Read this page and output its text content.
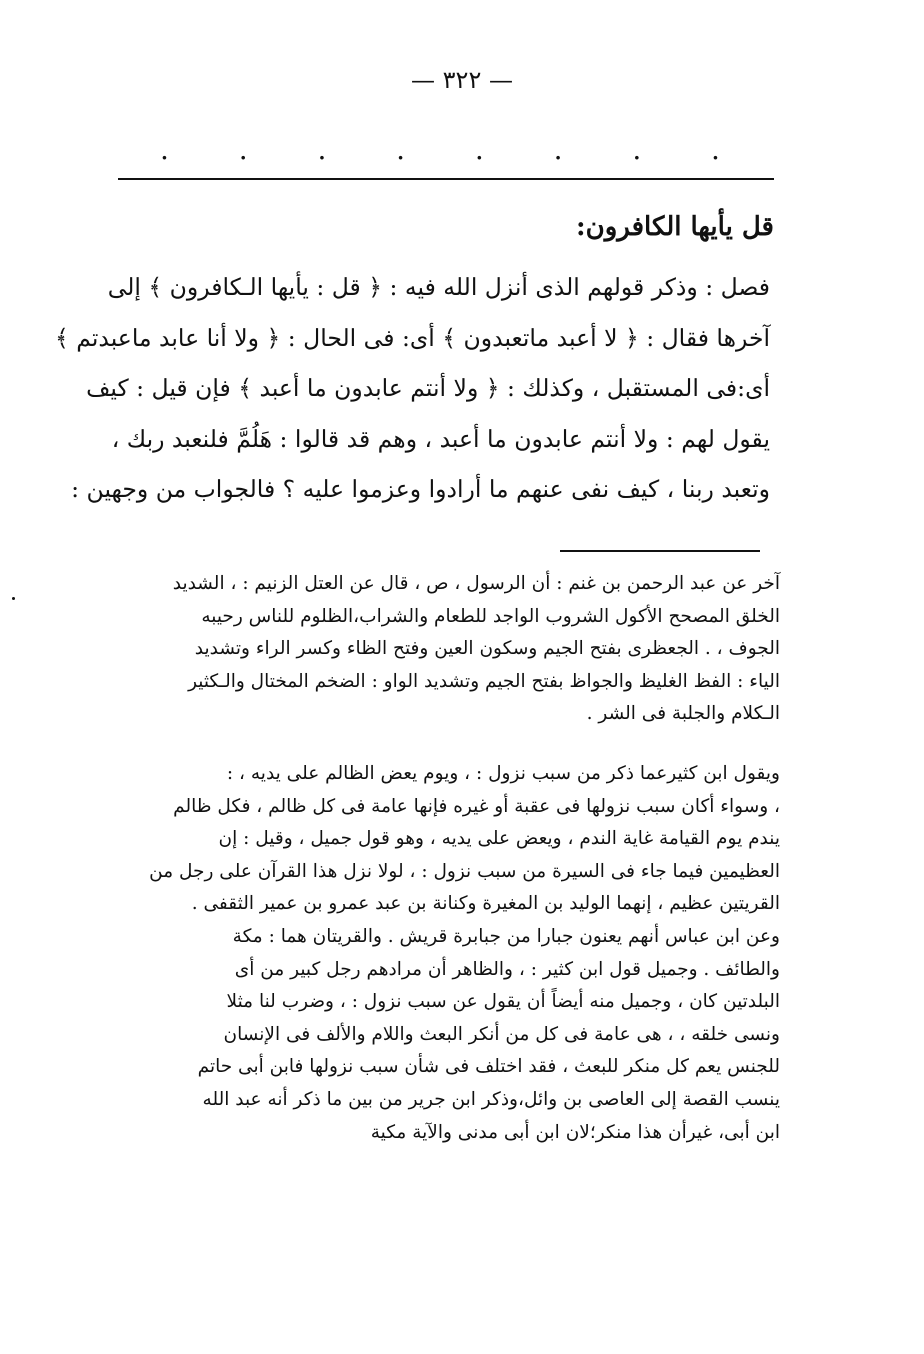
— ٣٢٢ —
. . . . . . . .
قل يأيها الكافرون:

فصل : وذكر قولهم الذى أنزل الله فيه : ﴿ قل : يأيها الـكافرون ﴾ إلى

آخرها فقال : ﴿ لا أعبد ماتعبدون ﴾ أى: فى الحال : ﴿ ولا أنا عابد ماعبدتم ﴾

أى:فى المستقبل ، وكذلك : ﴿ ولا أنتم عابدون ما أعبد ﴾ فإن قيل : كيف

يقول لهم : ولا أنتم عابدون ما أعبد ، وهم قد قالوا : هَلُمَّ فلنعبد ربك ،

وتعبد ربنا ، كيف نفى عنهم ما أرادوا وعزموا عليه ؟ فالجواب من وجهين :

آخر عن عبد الرحمن بن غنم : أن الرسول ، ص ، قال عن العتل الزنيم : ، الشديد

الخلق المصحح الأكول الشروب الواجد للطعام والشراب،الظلوم للناس رحيبه

الجوف ، . الجعظرى بفتح الجيم وسكون العين وفتح الظاء وكسر الراء وتشديد

الياء : الفظ الغليظ والجواظ بفتح الجيم وتشديد الواو : الضخم المختال والـكثير

الـكلام والجلبة فى الشر .

ويقول ابن كثيرعما ذكر من سبب نزول : ، ويوم يعض الظالم على يديه ، :

، وسواء أكان سبب نزولها فى عقبة أو غيره فإنها عامة فى كل ظالم ، فكل ظالم

يندم يوم القيامة غاية الندم ، ويعض على يديه ، وهو قول جميل ، وقيل : إن

العظيمين فيما جاء فى السيرة من سبب نزول : ، لولا نزل هذا القرآن على رجل من

القريتين عظيم ، إنهما الوليد بن المغيرة وكنانة بن عبد عمرو بن عمير الثقفى .

وعن ابن عباس أنهم يعنون جبارا من جبابرة قريش . والقريتان هما : مكة

والطائف . وجميل قول ابن كثير : ، والظاهر أن مرادهم رجل كبير من أى

البلدتين كان ، وجميل منه أيضاً أن يقول عن سبب نزول : ، وضرب لنا مثلا

ونسى خلقه ، ، هى عامة فى كل من أنكر البعث واللام والألف فى الإنسان

للجنس يعم كل منكر للبعث ، فقد اختلف فى شأن سبب نزولها فابن أبى حاتم

ينسب القصة إلى العاصى بن وائل،وذكر ابن جرير من بين ما ذكر أنه عبد الله

ابن أبى، غيرأن هذا منكر؛لان ابن أبى مدنى والآية مكية
